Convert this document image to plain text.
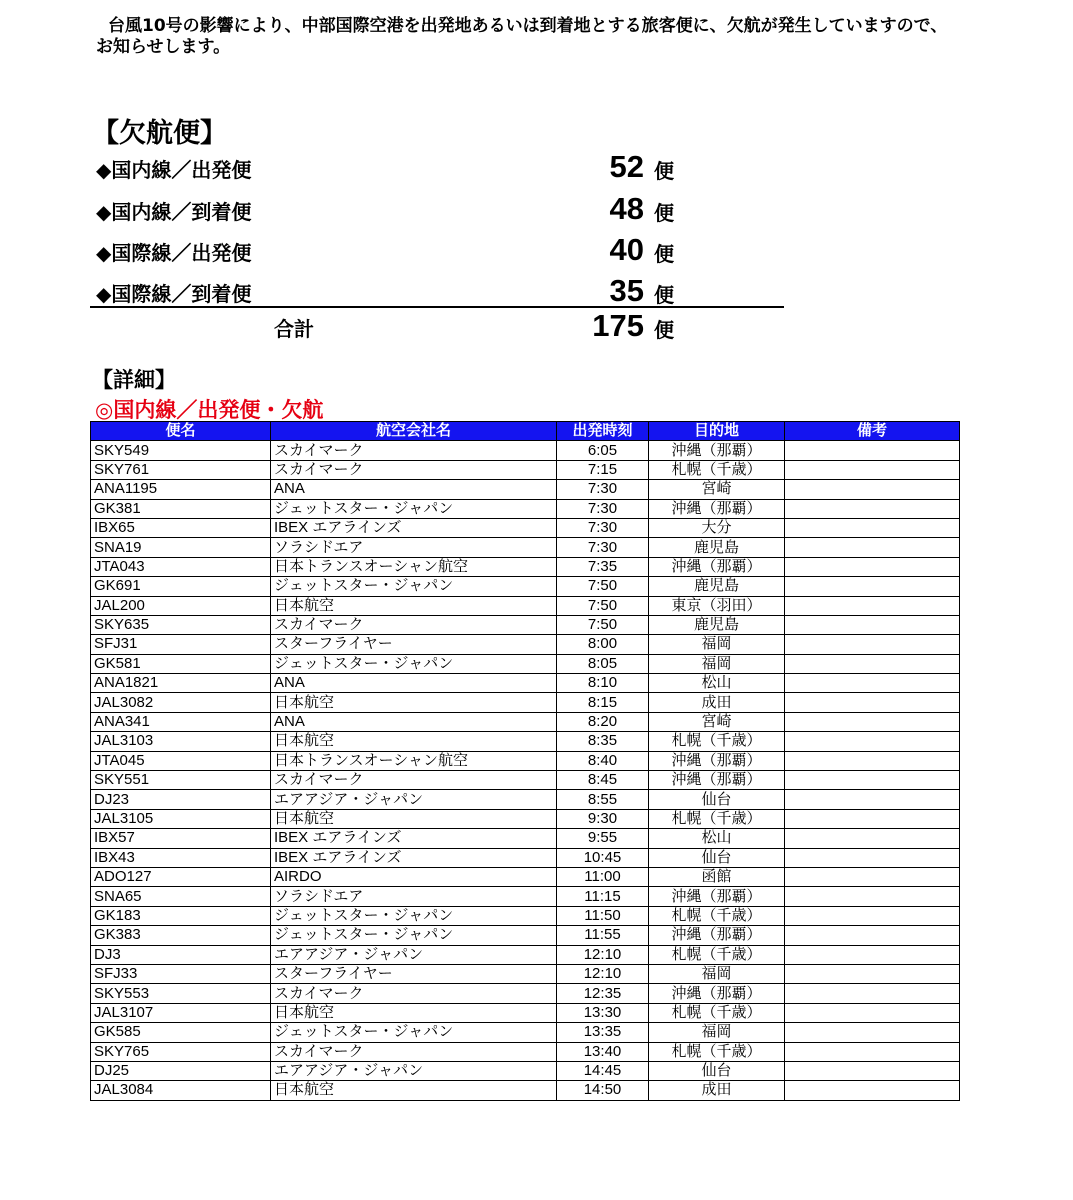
台風10号の影響により、中部国際空港を出発地あるいは到着地とする旅客便に、欠航が発生していますので、お知らせします。
【欠航便】
◆国内線／出発便	52 便
◆国内線／到着便	48 便
◆国際線／出発便	40 便
◆国際線／到着便	35 便
合計	175 便
【詳細】
◎国内線／出発便・欠航
便名	航空会社名	出発時刻	目的地	備考
SKY549	スカイマーク	6:05	沖縄（那覇）	
SKY761	スカイマーク	7:15	札幌（千歳）	
ANA1195	ANA	7:30	宮崎	
GK381	ジェットスター・ジャパン	7:30	沖縄（那覇）	
IBX65	IBEX エアラインズ	7:30	大分	
SNA19	ソラシドエア	7:30	鹿児島	
JTA043	日本トランスオーシャン航空	7:35	沖縄（那覇）	
GK691	ジェットスター・ジャパン	7:50	鹿児島	
JAL200	日本航空	7:50	東京（羽田）	
SKY635	スカイマーク	7:50	鹿児島	
SFJ31	スターフライヤー	8:00	福岡	
GK581	ジェットスター・ジャパン	8:05	福岡	
ANA1821	ANA	8:10	松山	
JAL3082	日本航空	8:15	成田	
ANA341	ANA	8:20	宮崎	
JAL3103	日本航空	8:35	札幌（千歳）	
JTA045	日本トランスオーシャン航空	8:40	沖縄（那覇）	
SKY551	スカイマーク	8:45	沖縄（那覇）	
DJ23	エアアジア・ジャパン	8:55	仙台	
JAL3105	日本航空	9:30	札幌（千歳）	
IBX57	IBEX エアラインズ	9:55	松山	
IBX43	IBEX エアラインズ	10:45	仙台	
ADO127	AIRDO	11:00	函館	
SNA65	ソラシドエア	11:15	沖縄（那覇）	
GK183	ジェットスター・ジャパン	11:50	札幌（千歳）	
GK383	ジェットスター・ジャパン	11:55	沖縄（那覇）	
DJ3	エアアジア・ジャパン	12:10	札幌（千歳）	
SFJ33	スターフライヤー	12:10	福岡	
SKY553	スカイマーク	12:35	沖縄（那覇）	
JAL3107	日本航空	13:30	札幌（千歳）	
GK585	ジェットスター・ジャパン	13:35	福岡	
SKY765	スカイマーク	13:40	札幌（千歳）	
DJ25	エアアジア・ジャパン	14:45	仙台	
JAL3084	日本航空	14:50	成田	
